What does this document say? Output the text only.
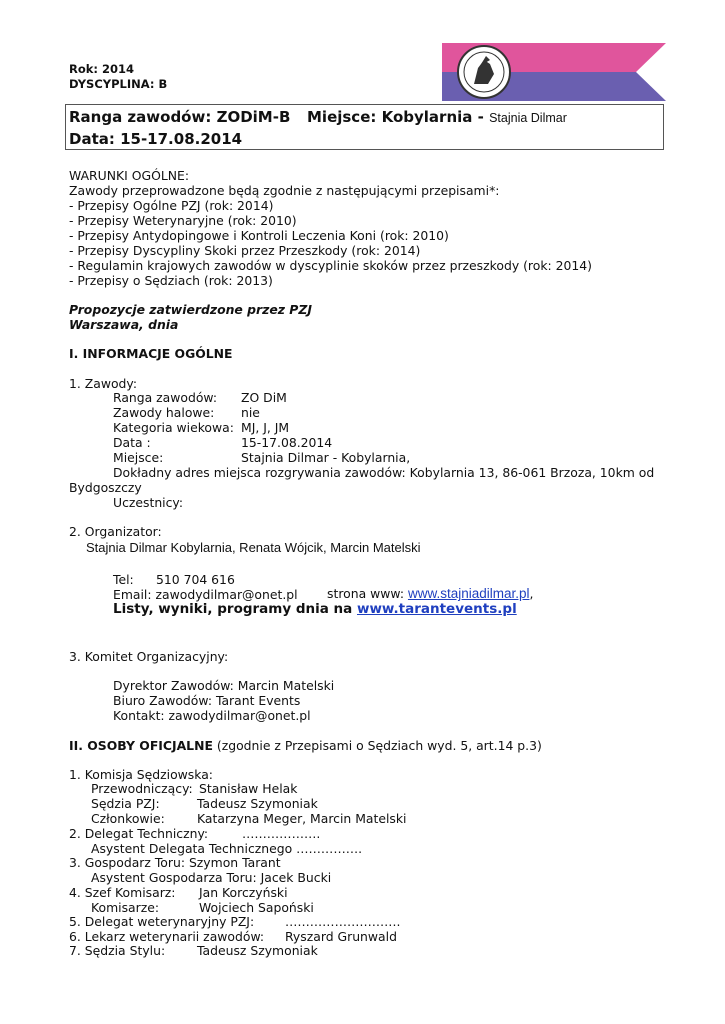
Rok: 2014
DYSCYPLINA: B
Ranga zawodów: ZODiM-B Miejsce: Kobylarnia - Stajnia Dilmar
Data: 15-17.08.2014
WARUNKI OGÓLNE:
Zawody przeprowadzone będą zgodnie z następującymi przepisami*:
- Przepisy Ogólne PZJ (rok: 2014)
- Przepisy Weterynaryjne (rok: 2010)
- Przepisy Antydopingowe i Kontroli Leczenia Koni (rok: 2010)
- Przepisy Dyscypliny Skoki przez Przeszkody (rok: 2014)
- Regulamin krajowych zawodów w dyscyplinie skoków przez przeszkody (rok: 2014)
- Przepisy o Sędziach (rok: 2013)
Propozycje zatwierdzone przez PZJ
Warszawa, dnia
I. INFORMACJE OGÓLNE
1. Zawody:
Ranga zawodów: ZO DiM
Zawody halowe: nie
Kategoria wiekowa: MJ, J, JM
Data :	15-17.08.2014
Miejsce:	Stajnia Dilmar - Kobylarnia,
Dokładny adres miejsca rozgrywania zawodów: Kobylarnia 13, 86-061 Brzoza, 10km od
Bydgoszczy
Uczestnicy:
2. Organizator:
Stajnia Dilmar Kobylarnia, Renata Wójcik, Marcin Matelski
Tel: 510 704 616
Email: zawodydilmar@onet.pl strona www: www.stajniadilmar.pl,
Listy, wyniki, programy dnia na www.tarantevents.pl
3. Komitet Organizacyjny:
Dyrektor Zawodów: Marcin Matelski
Biuro Zawodów: Tarant Events
Kontakt: zawodydilmar@onet.pl
II. OSOBY OFICJALNE (zgodnie z Przepisami o Sędziach wyd. 5, art.14 p.3)
1. Komisja Sędziowska:
Przewodniczący: Stanisław Helak
Sędzia PZJ:	Tadeusz Szymoniak
Członkowie:	Katarzyna Meger, Marcin Matelski
2. Delegat Techniczny:	……………….
Asystent Delegata Technicznego …………….
3. Gospodarz Toru: Szymon Tarant
Asystent Gospodarza Toru: Jacek Bucki
4. Szef Komisarz: Jan Korczyński
Komisarze:	Wojciech Sapoński
5. Delegat weterynaryjny PZJ: ……………………….
6. Lekarz weterynarii zawodów: Ryszard Grunwald
7. Sędzia Stylu:	Tadeusz Szymoniak
